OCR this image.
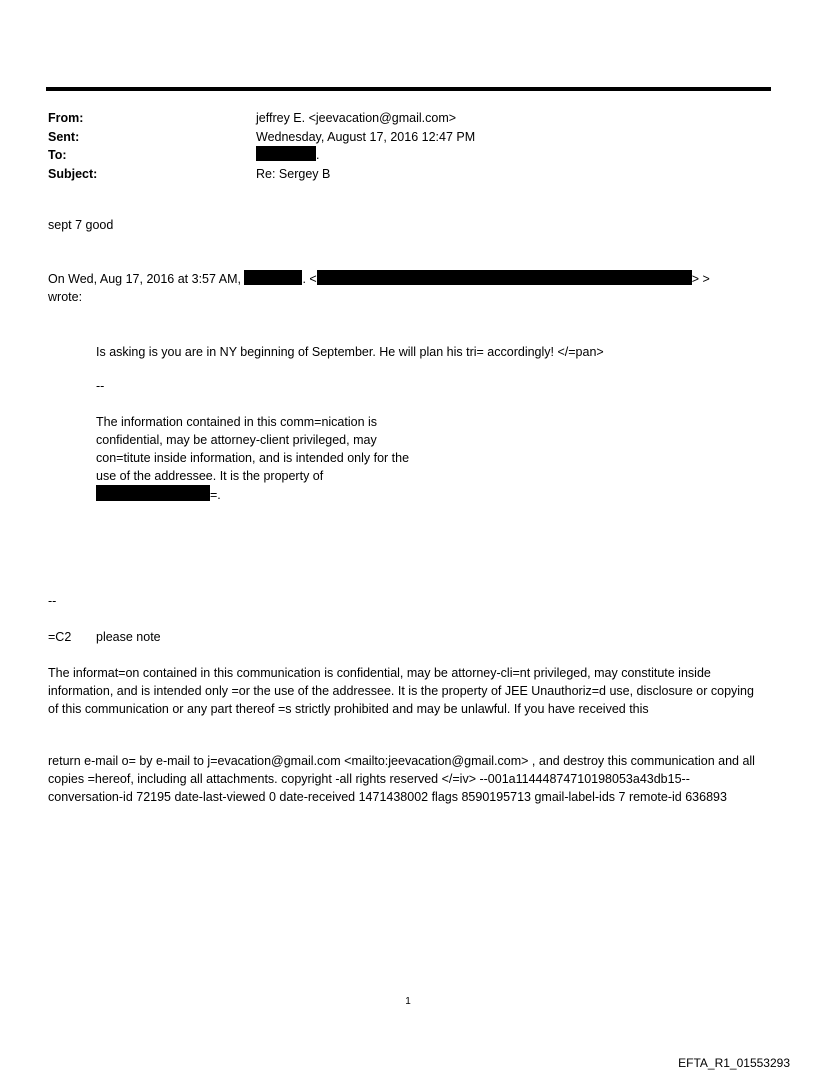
From:	jeffrey E. <jeevacation@gmail.com>
Sent:	Wednesday, August 17, 2016 12:47 PM
To:	.
Subject:	Re: Sergey B
sept 7 good
On Wed, Aug 17, 2016 at 3:57 AM,	. <	> >
wrote:
Is asking is you are in NY beginning of September. He will plan his tri= accordingly! </=pan>
--
The information contained in this comm=nication is confidential, may be attorney-client privileged, may con=titute inside information, and is intended only for the use of the addressee. It is the property of
=.
--
=C2 please note
The informat=on contained in this communication is confidential, may be attorney-cli=nt privileged, may constitute inside information, and is intended only =or the use of the addressee. It is the property of JEE Unauthoriz=d use, disclosure or copying of this communication or any part thereof =s strictly prohibited and may be unlawful. If you have received this
return e-mail o= by e-mail to j=evacation@gmail.com <mailto:jeevacation@gmail.com> , and destroy this communication and all copies =hereof, including all attachments. copyright -all rights reserved </=iv> --001a11444874710198053a43db15-- conversation-id 72195 date-last-viewed 0 date-received 1471438002 flags 8590195713 gmail-label-ids 7 remote-id 636893
1
EFTA_R1_01553293
